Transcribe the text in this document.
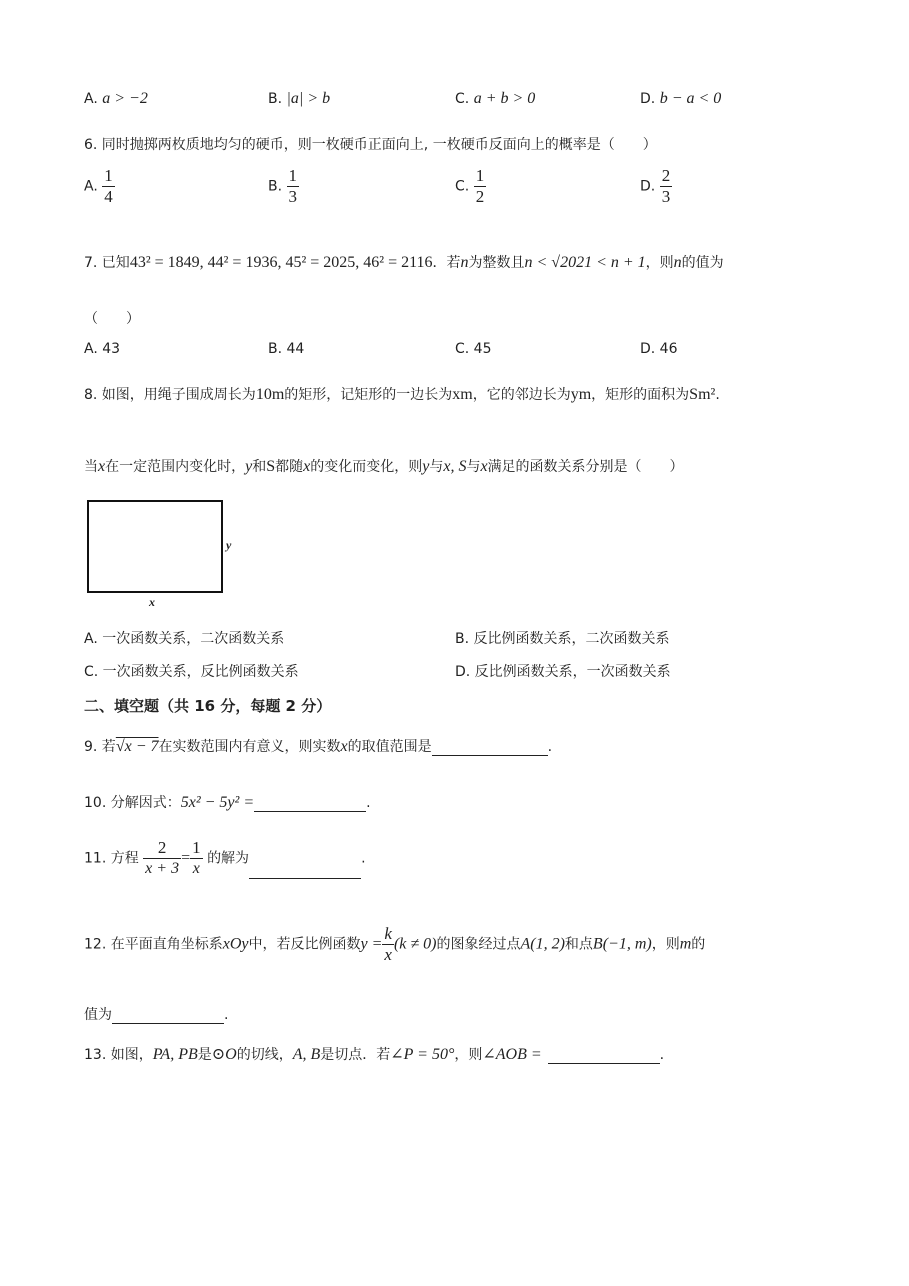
A. a > −2	B. |a| > b	C. a + b > 0	D. b − a < 0
6. 同时抛掷两枚质地均匀的硬币，则一枚硬币正面向上, 一枚硬币反面向上的概率是（　　）
A. $\frac{1}{4}$	B. $\frac{1}{3}$	C. $\frac{1}{2}$	D. $\frac{2}{3}$
7. 已知43² = 1849, 44² = 1936, 45² = 2025, 46² = 2116．若n为整数且n < √2021 < n + 1，则n的值为
（　　）
A. 43	B. 44	C. 45	D. 46
8. 如图，用绳子围成周长为10m的矩形，记矩形的一边长为xm，它的邻边长为ym，矩形的面积为Sm².
当x在一定范围内变化时，y和S都随x的变化而变化，则y与x, S与x满足的函数关系分别是（　　）
y
x
A. 一次函数关系，二次函数关系	B. 反比例函数关系，二次函数关系
C. 一次函数关系，反比例函数关系	D. 反比例函数关系，一次函数关系
二、填空题（共 16 分，每题 2 分）
9. 若√x − 7在实数范围内有意义，则实数x的取值范围是	.
10. 分解因式：5x² − 5y² =	.
11. 方程 $\frac{2}{x + 3} = \frac{1}{x}$ 的解为	.
12. 在平面直角坐标系xOy中，若反比例函数$y = \frac{k}{x} (k \ne 0)$的图象经过点A(1, 2)和点B(−1, m)，则m的
值为	.
13. 如图，PA, PB是⊙O的切线，A, B是切点．若∠P = 50°，则∠AOB =	.
